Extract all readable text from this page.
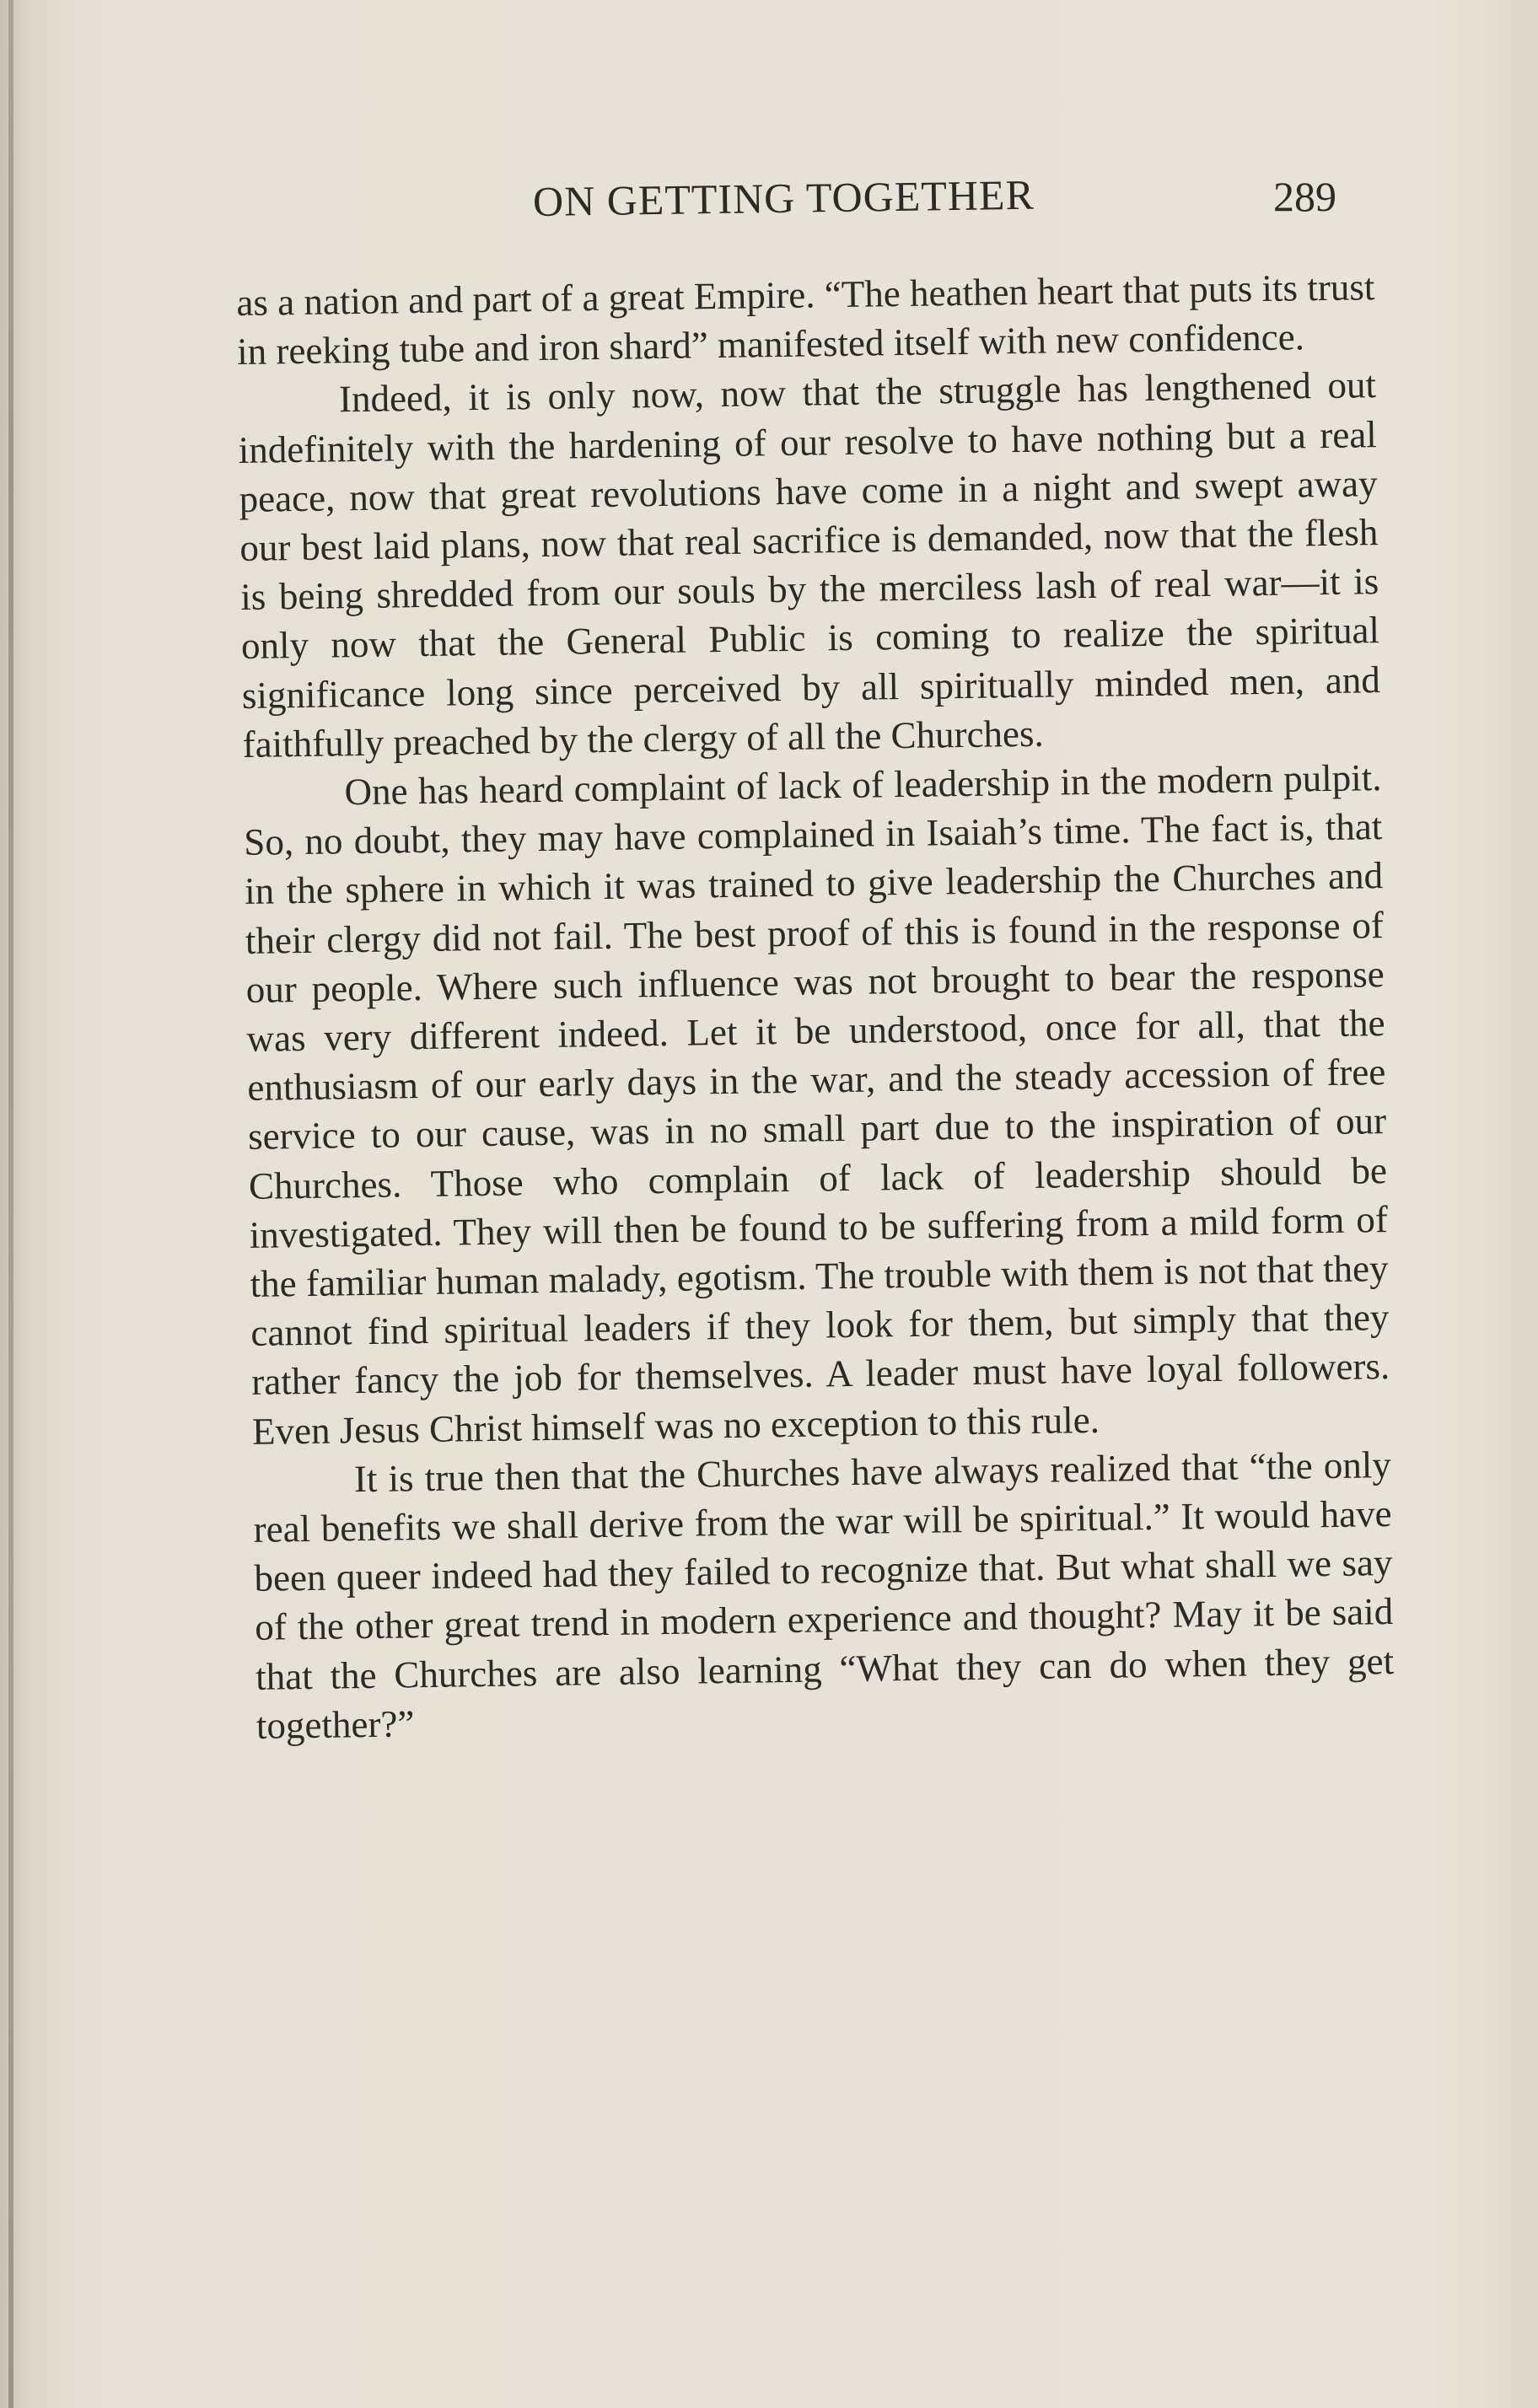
ON GETTING TOGETHER	289

as a nation and part of a great Empire. “The heathen heart that puts its trust in reeking tube and iron shard” manifested itself with new confidence.

Indeed, it is only now, now that the struggle has lengthened out indefinitely with the hardening of our resolve to have nothing but a real peace, now that great revolutions have come in a night and swept away our best laid plans, now that real sacrifice is demanded, now that the flesh is being shredded from our souls by the merciless lash of real war—it is only now that the General Public is coming to realize the spiritual significance long since perceived by all spiritually minded men, and faithfully preached by the clergy of all the Churches.

One has heard complaint of lack of leadership in the modern pulpit. So, no doubt, they may have complained in Isaiah’s time. The fact is, that in the sphere in which it was trained to give leadership the Churches and their clergy did not fail. The best proof of this is found in the response of our people. Where such influence was not brought to bear the response was very different indeed. Let it be understood, once for all, that the enthusiasm of our early days in the war, and the steady accession of free service to our cause, was in no small part due to the inspiration of our Churches. Those who complain of lack of leadership should be investigated. They will then be found to be suffering from a mild form of the familiar human malady, egotism. The trouble with them is not that they cannot find spiritual leaders if they look for them, but simply that they rather fancy the job for themselves. A leader must have loyal followers. Even Jesus Christ himself was no exception to this rule.

It is true then that the Churches have always realized that “the only real benefits we shall derive from the war will be spiritual.” It would have been queer indeed had they failed to recognize that. But what shall we say of the other great trend in modern experience and thought? May it be said that the Churches are also learning “What they can do when they get together?”
